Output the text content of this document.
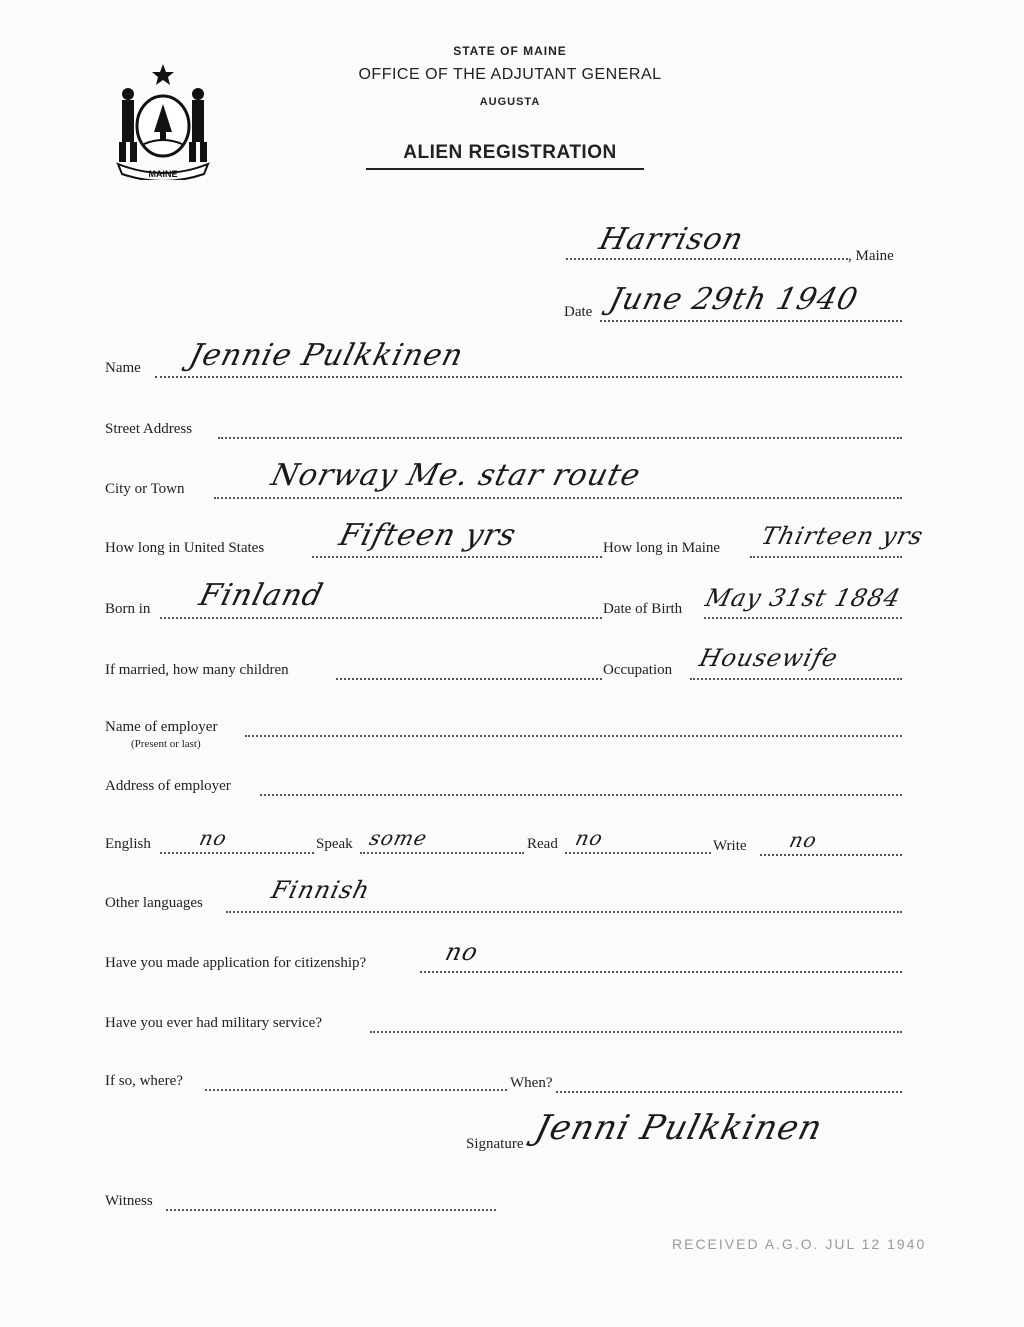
MAINE
STATE OF MAINE
OFFICE OF THE ADJUTANT GENERAL
AUGUSTA
ALIEN REGISTRATION
Harrison	, Maine
Date June 29th 1940
Name Jennie Pulkkinen
Street Address
City or Town	Norway Me. star route
How long in United States Fifteen yrs	How long in Maine Thirteen yrs
Born in Finland	Date of Birth May 31st 1884
If married, how many children	Occupation Housewife
Name of employer
(Present or last)
Address of employer
English no	Speak some	Read no	Write no
Other languages	Finnish
Have you made application for citizenship?	no
Have you ever had military service?
If so, where?	When?
Signature Jenni Pulkkinen
Witness
RECEIVED A.G.O. JUL 12 1940
